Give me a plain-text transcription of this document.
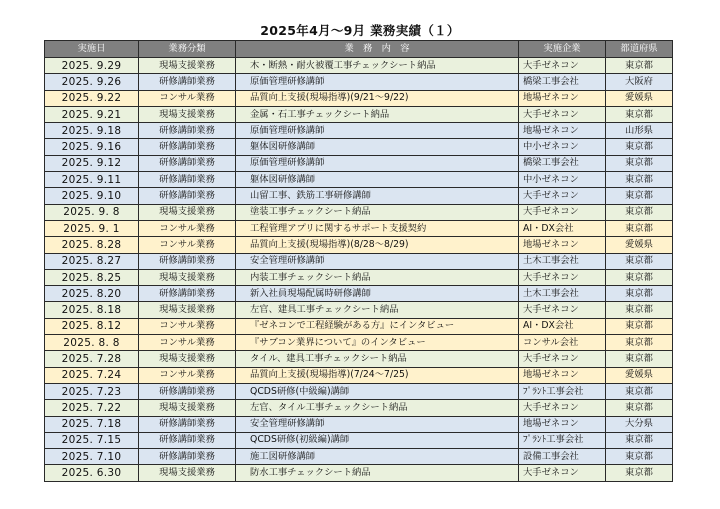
2025年4月～9月 業務実績（１）
実施日	業務分類	業　務　内　容	実施企業	都道府県
2025. 9.29	現場支援業務	木・断熱・耐火被覆工事チェックシート納品	大手ゼネコン	東京都
2025. 9.26	研修講師業務	原価管理研修講師	橋梁工事会社	大阪府
2025. 9.22	コンサル業務	品質向上支援(現場指導)(9/21～9/22)	地場ゼネコン	愛媛県
2025. 9.21	現場支援業務	金属・石工事チェックシート納品	大手ゼネコン	東京都
2025. 9.18	研修講師業務	原価管理研修講師	地場ゼネコン	山形県
2025. 9.16	研修講師業務	躯体図研修講師	中小ゼネコン	東京都
2025. 9.12	研修講師業務	原価管理研修講師	橋梁工事会社	東京都
2025. 9.11	研修講師業務	躯体図研修講師	中小ゼネコン	東京都
2025. 9.10	研修講師業務	山留工事、鉄筋工事研修講師	大手ゼネコン	東京都
2025. 9. 8	現場支援業務	塗装工事チェックシート納品	大手ゼネコン	東京都
2025. 9. 1	コンサル業務	工程管理アプリに関するサポート支援契約	AI・DX会社	東京都
2025. 8.28	コンサル業務	品質向上支援(現場指導)(8/28～8/29)	地場ゼネコン	愛媛県
2025. 8.27	研修講師業務	安全管理研修講師	土木工事会社	東京都
2025. 8.25	現場支援業務	内装工事チェックシート納品	大手ゼネコン	東京都
2025. 8.20	研修講師業務	新入社員現場配属時研修講師	土木工事会社	東京都
2025. 8.18	現場支援業務	左官、建具工事チェックシート納品	大手ゼネコン	東京都
2025. 8.12	コンサル業務	『ゼネコンで工程経験がある方』にインタビュー	AI・DX会社	東京都
2025. 8. 8	コンサル業務	『サブコン業界について』のインタビュー	コンサル会社	東京都
2025. 7.28	現場支援業務	タイル、建具工事チェックシート納品	大手ゼネコン	東京都
2025. 7.24	コンサル業務	品質向上支援(現場指導)(7/24～7/25)	地場ゼネコン	愛媛県
2025. 7.23	研修講師業務	QCDS研修(中級編)講師	ﾌﾟﾗﾝﾄ工事会社	東京都
2025. 7.22	現場支援業務	左官、タイル工事チェックシート納品	大手ゼネコン	東京都
2025. 7.18	研修講師業務	安全管理研修講師	地場ゼネコン	大分県
2025. 7.15	研修講師業務	QCDS研修(初級編)講師	ﾌﾟﾗﾝﾄ工事会社	東京都
2025. 7.10	研修講師業務	施工図研修講師	設備工事会社	東京都
2025. 6.30	現場支援業務	防水工事チェックシート納品	大手ゼネコン	東京都
